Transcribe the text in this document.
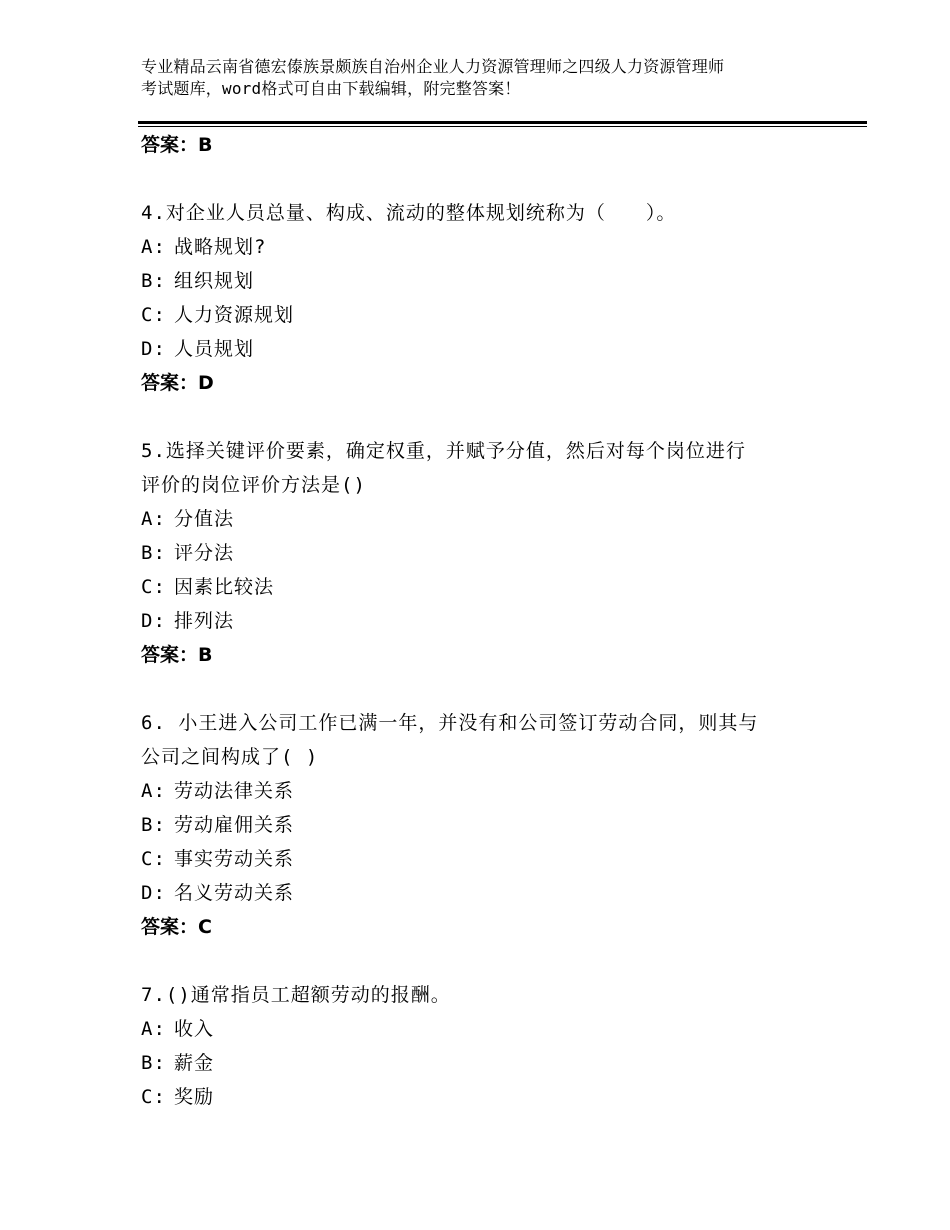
专业精品云南省德宏傣族景颇族自治州企业人力资源管理师之四级人力资源管理师
考试题库，word格式可自由下载编辑，附完整答案！
答案：B
4.对企业人员总量、构成、流动的整体规划统称为（　　）。
A: 战略规划?
B: 组织规划
C: 人力资源规划
D: 人员规划
答案：D
5.选择关键评价要素，确定权重，并赋予分值，然后对每个岗位进行
评价的岗位评价方法是()
A: 分值法
B: 评分法
C: 因素比较法
D: 排列法
答案：B
6. 小王进入公司工作已满一年，并没有和公司签订劳动合同，则其与
公司之间构成了( )
A: 劳动法律关系
B: 劳动雇佣关系
C: 事实劳动关系
D: 名义劳动关系
答案：C
7.()通常指员工超额劳动的报酬。
A: 收入
B: 薪金
C: 奖励
